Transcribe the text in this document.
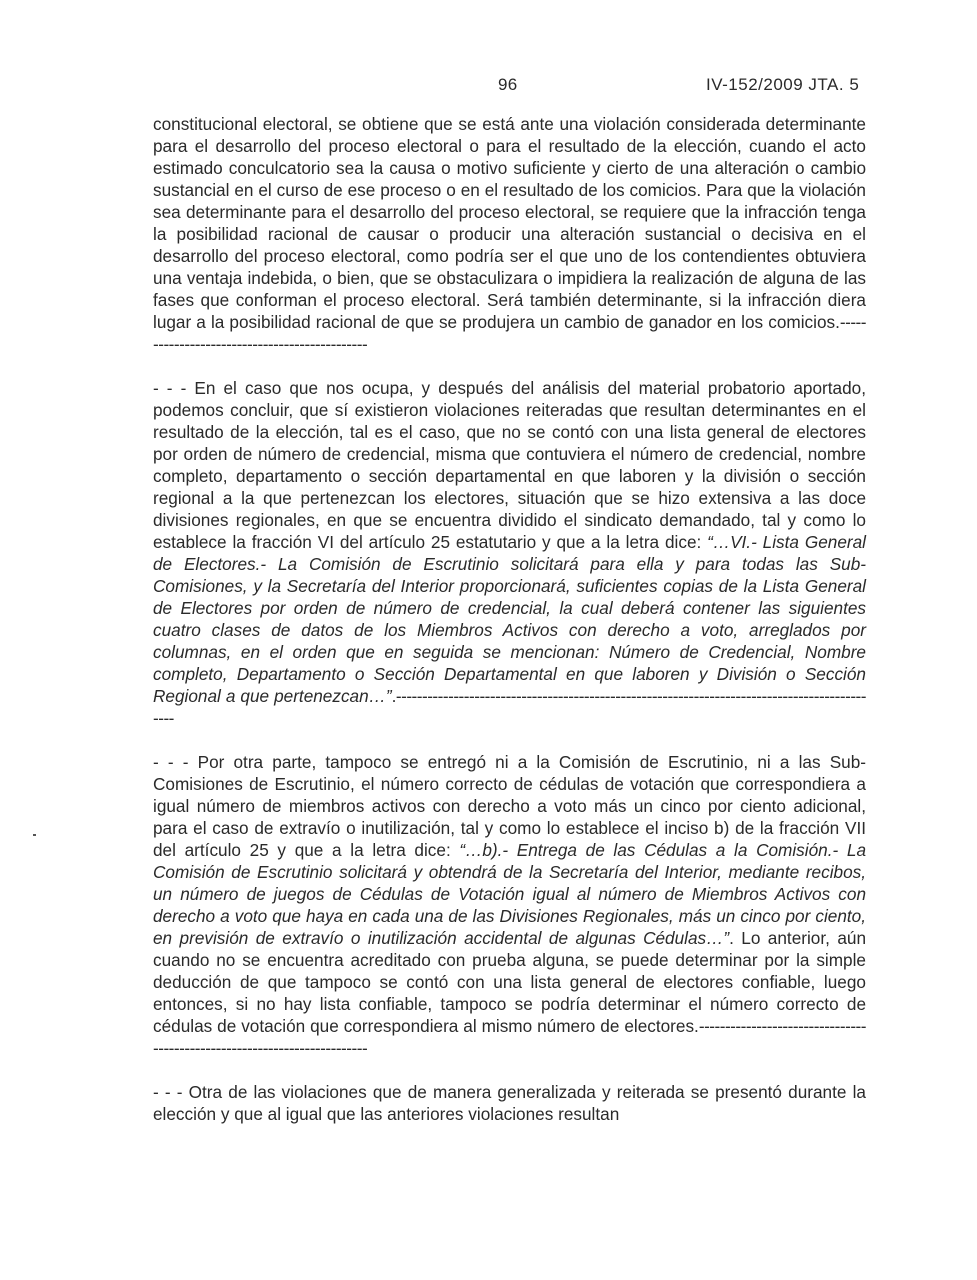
96	IV-152/2009 JTA. 5

constitucional electoral, se obtiene que se está ante una violación considerada determinante para el desarrollo del proceso electoral o para el resultado de la elección, cuando el acto estimado conculcatorio sea la causa o motivo suficiente y cierto de una alteración o cambio sustancial en el curso de ese proceso o en el resultado de los comicios. Para que la violación sea determinante para el desarrollo del proceso electoral, se requiere que la infracción tenga la posibilidad racional de causar o producir una alteración sustancial o decisiva en el desarrollo del proceso electoral, como podría ser el que uno de los contendientes obtuviera una ventaja indebida, o bien, que se obstaculizara o impidiera la realización de alguna de las fases que conforman el proceso electoral. Será también determinante, si la infracción diera lugar a la posibilidad racional de que se produjera un cambio de ganador en los comicios.----------------------------------------------

- - - En el caso que nos ocupa, y después del análisis del material probatorio aportado, podemos concluir, que sí existieron violaciones reiteradas que resultan determinantes en el resultado de la elección, tal es el caso, que no se contó con una lista general de electores por orden de número de credencial, misma que contuviera el número de credencial, nombre completo, departamento o sección departamental en que laboren y la división o sección regional a la que pertenezcan los electores, situación que se hizo extensiva a las doce divisiones regionales, en que se encuentra dividido el sindicato demandado, tal y como lo establece la fracción VI del artículo 25 estatutario y que a la letra dice: “…VI.- Lista General de Electores.- La Comisión de Escrutinio solicitará para ella y para todas las Sub-Comisiones, y la Secretaría del Interior proporcionará, suficientes copias de la Lista General de Electores por orden de número de credencial, la cual deberá contener las siguientes cuatro clases de datos de los Miembros Activos con derecho a voto, arreglados por columnas, en el orden que en seguida se mencionan: Número de Credencial, Nombre completo, Departamento o Sección Departamental en que laboren y División o Sección Regional a que pertenezcan…”.----------------------------------------------------------------------------------------------

- - - Por otra parte, tampoco se entregó ni a la Comisión de Escrutinio, ni a las Sub-Comisiones de Escrutinio, el número correcto de cédulas de votación que correspondiera a igual número de miembros activos con derecho a voto más un cinco por ciento adicional, para el caso de extravío o inutilización, tal y como lo establece el inciso b) de la fracción VII del artículo 25 y que a la letra dice: “…b).- Entrega de las Cédulas a la Comisión.- La Comisión de Escrutinio solicitará y obtendrá de la Secretaría del Interior, mediante recibos, un número de juegos de Cédulas de Votación igual al número de Miembros Activos con derecho a voto que haya en cada una de las Divisiones Regionales, más un cinco por ciento, en previsión de extravío o inutilización accidental de algunas Cédulas…”. Lo anterior, aún cuando no se encuentra acreditado con prueba alguna, se puede determinar por la simple deducción de que tampoco se contó con una lista general de electores confiable, luego entonces, si no hay lista confiable, tampoco se podría determinar el número correcto de cédulas de votación que correspondiera al mismo número de electores.-------------------------------------------------------------------------

- - - Otra de las violaciones que de manera generalizada y reiterada se presentó durante la elección y que al igual que las anteriores violaciones resultan
